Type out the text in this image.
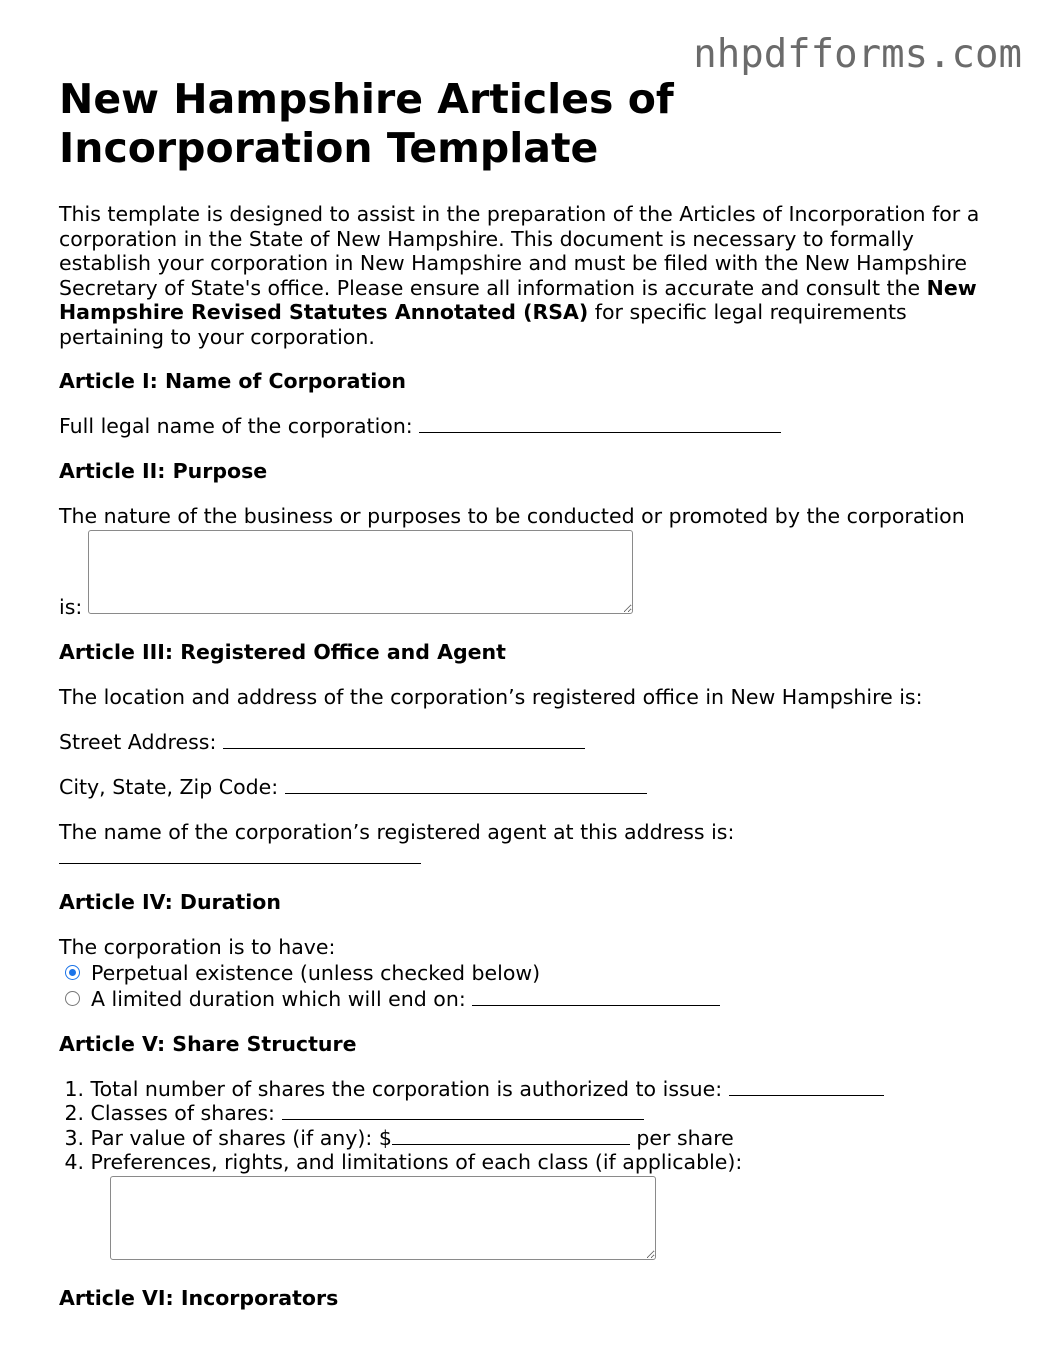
nhpdfforms.com
New Hampshire Articles of Incorporation Template

This template is designed to assist in the preparation of the Articles of Incorporation for a corporation in the State of New Hampshire. This document is necessary to formally establish your corporation in New Hampshire and must be filed with the New Hampshire Secretary of State's office. Please ensure all information is accurate and consult the New Hampshire Revised Statutes Annotated (RSA) for specific legal requirements pertaining to your corporation.

Article I: Name of Corporation

Full legal name of the corporation:

Article II: Purpose

The nature of the business or purposes to be conducted or promoted by the corporation

is:

Article III: Registered Office and Agent

The location and address of the corporation’s registered office in New Hampshire is:

Street Address:

City, State, Zip Code:

The name of the corporation’s registered agent at this address is:

Article IV: Duration

The corporation is to have:

Perpetual existence (unless checked below)

A limited duration which will end on:

Article V: Share Structure

1. Total number of shares the corporation is authorized to issue:

2. Classes of shares:

3. Par value of shares (if any): $	per share

4. Preferences, rights, and limitations of each class (if applicable):

Article VI: Incorporators
